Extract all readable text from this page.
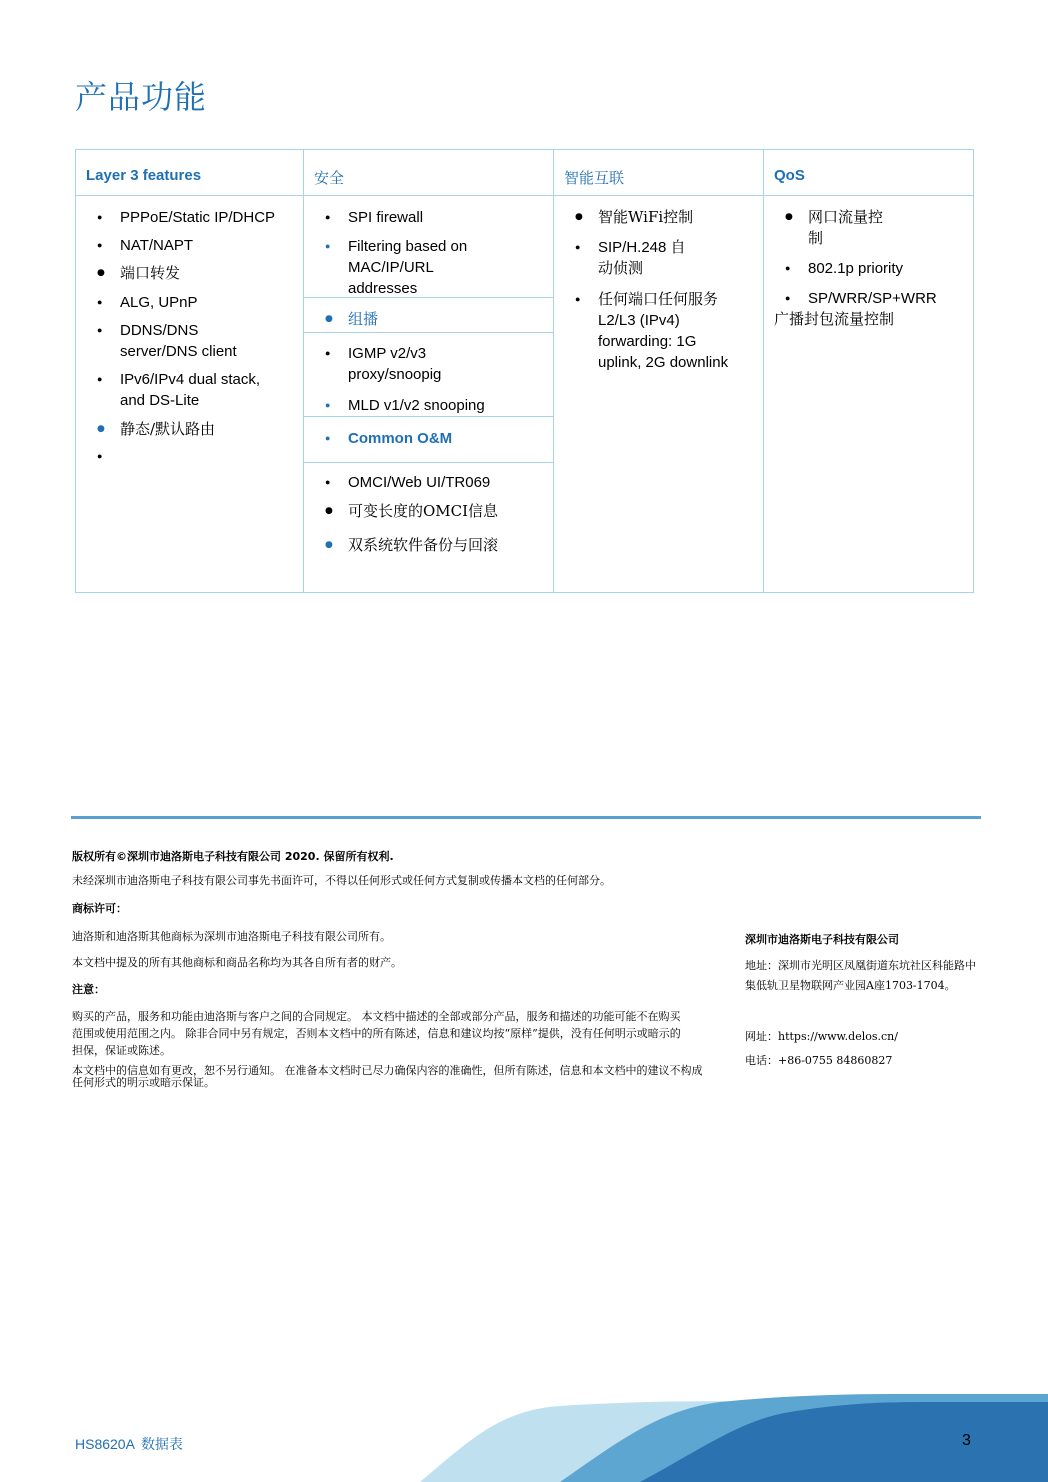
产品功能
Layer 3 features
● PPPoE/Static IP/DHCP
● NAT/NAPT
● 端口转发
● ALG, UPnP
● DDNS/DNS server/DNS client
● IPv6/IPv4 dual stack, and DS-Lite
● 静态/默认路由
●
安全
● SPI firewall
● Filtering based on MAC/IP/URL addresses
● 组播
● IGMP v2/v3 proxy/snoopig
● MLD v1/v2 snooping
● Common O&M
● OMCI/Web UI/TR069
● 可变长度的OMCI信息
● 双系统软件备份与回滚
智能互联
● 智能WiFi控制
● SIP/H.248 自动侦测
● 任何端口任何服务 L2/L3 (IPv4) forwarding: 1G uplink, 2G downlink
QoS
● 网口流量控制
● 802.1p priority
● SP/WRR/SP+WRR
广播封包流量控制
版权所有©深圳市迪洛斯电子科技有限公司 2020. 保留所有权利.
未经深圳市迪洛斯电子科技有限公司事先书面许可，不得以任何形式或任何方式复制或传播本文档的任何部分。
商标许可：
迪洛斯和迪洛斯其他商标为深圳市迪洛斯电子科技有限公司所有。
本文档中提及的所有其他商标和商品名称均为其各自所有者的财产。
注意：
购买的产品，服务和功能由迪洛斯与客户之间的合同规定。 本文档中描述的全部或部分产品，服务和描述的功能可能不在购买范围或使用范围之内。 除非合同中另有规定，否则本文档中的所有陈述，信息和建议均按“原样”提供，没有任何明示或暗示的担保，保证或陈述。
本文档中的信息如有更改，恕不另行通知。 在准备本文档时已尽力确保内容的准确性，但所有陈述，信息和本文档中的建议不构成任何形式的明示或暗示保证。
深圳市迪洛斯电子科技有限公司
地址：深圳市光明区凤凰街道东坑社区科能路中集低轨卫星物联网产业园A座1703-1704。
网址：https://www.delos.cn/
电话：+86-0755 84860827
HS8620A 数据表	3
